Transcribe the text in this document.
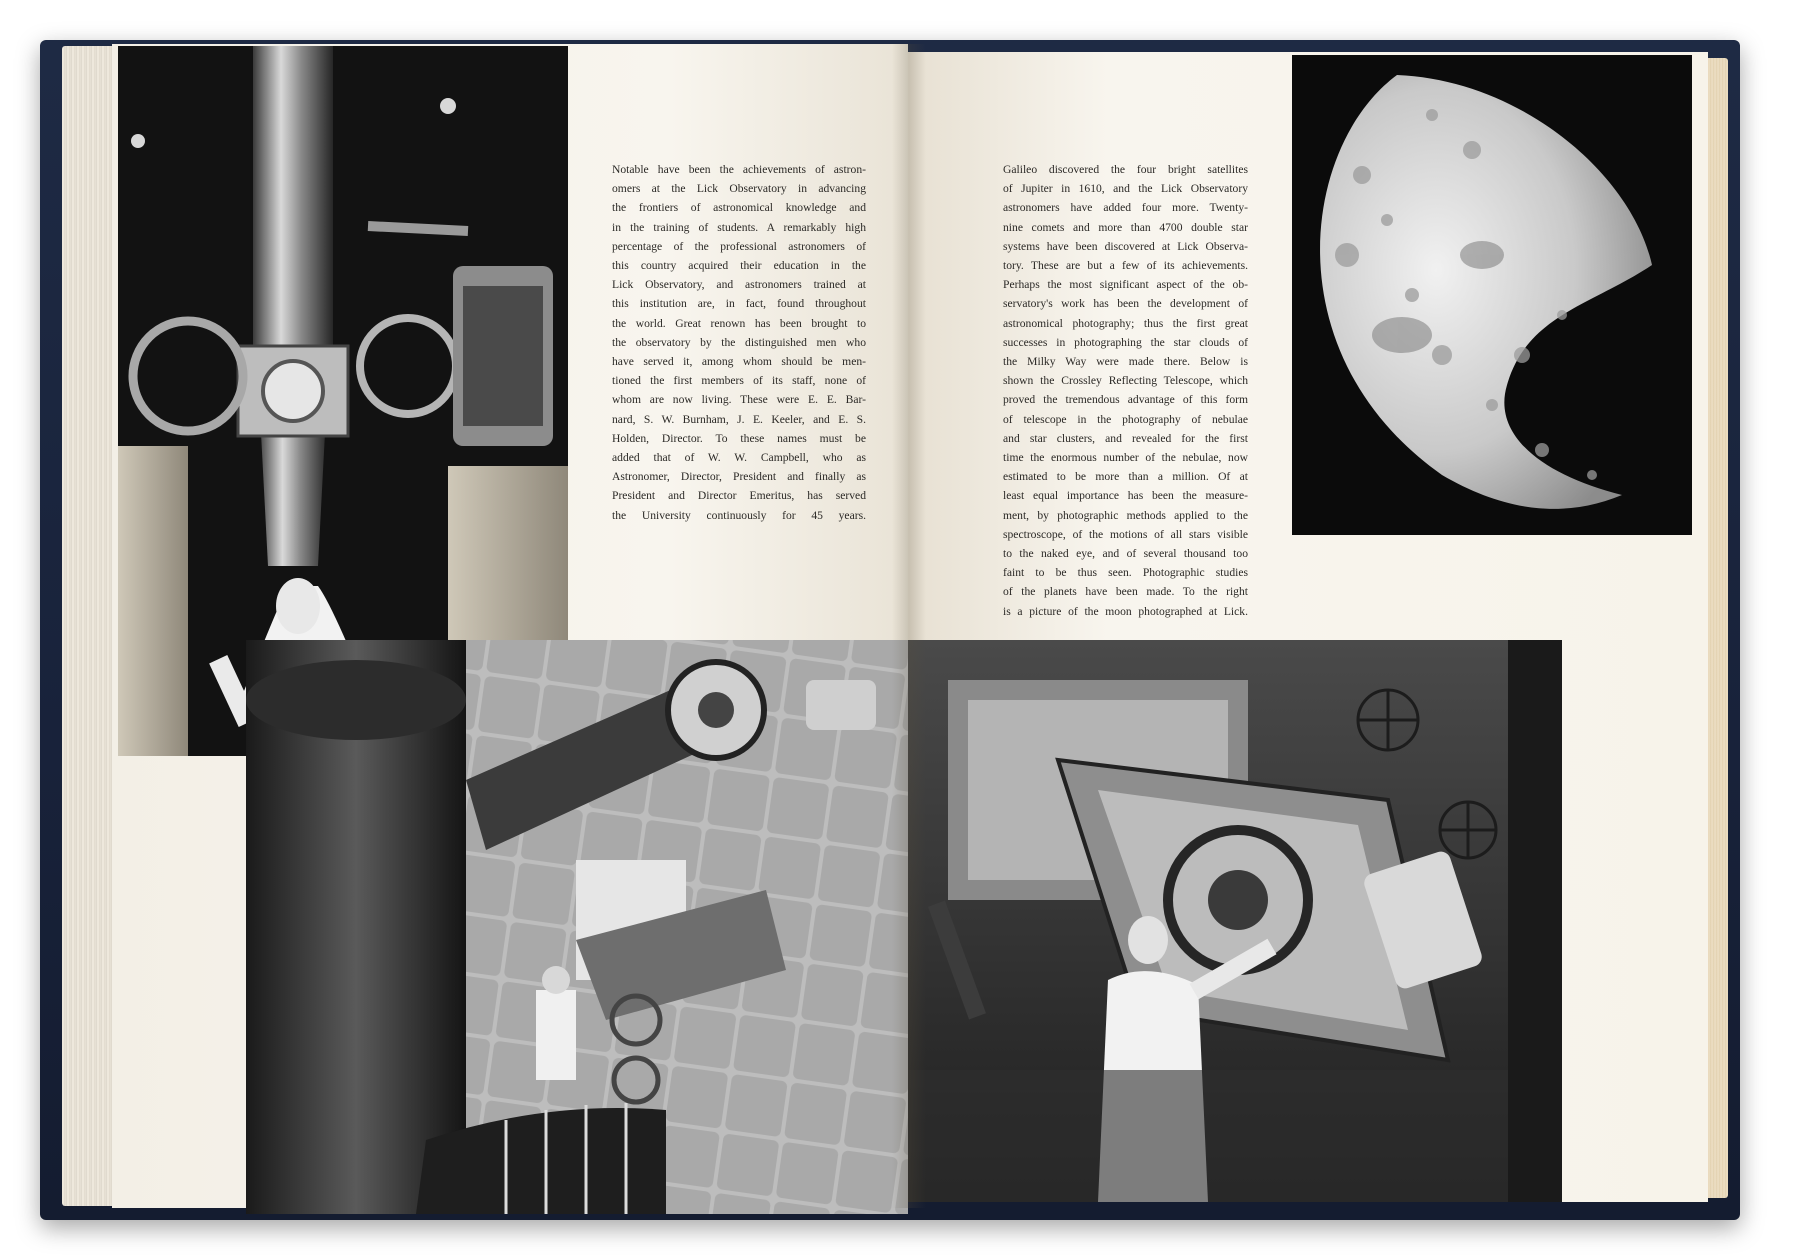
Notable have been the achievements of astron-
omers at the Lick Observatory in advancing
the frontiers of astronomical knowledge and
in the training of students. A remarkably high
percentage of the professional astronomers of
this country acquired their education in the
Lick Observatory, and astronomers trained at
this institution are, in fact, found throughout
the world. Great renown has been brought to
the observatory by the distinguished men who
have served it, among whom should be men-
tioned the first members of its staff, none of
whom are now living. These were E. E. Bar-
nard, S. W. Burnham, J. E. Keeler, and E. S.
Holden, Director. To these names must be
added that of W. W. Campbell, who as
Astronomer, Director, President and finally as
President and Director Emeritus, has served
the University continuously for 45 years.
Galileo discovered the four bright satellites
of Jupiter in 1610, and the Lick Observatory
astronomers have added four more. Twenty-
nine comets and more than 4700 double star
systems have been discovered at Lick Observa-
tory. These are but a few of its achievements.
Perhaps the most significant aspect of the ob-
servatory's work has been the development of
astronomical photography; thus the first great
successes in photographing the star clouds of
the Milky Way were made there. Below is
shown the Crossley Reflecting Telescope, which
proved the tremendous advantage of this form
of telescope in the photography of nebulae
and star clusters, and revealed for the first
time the enormous number of the nebulae, now
estimated to be more than a million. Of at
least equal importance has been the measure-
ment, by photographic methods applied to the
spectroscope, of the motions of all stars visible
to the naked eye, and of several thousand too
faint to be thus seen. Photographic studies
of the planets have been made. To the right
is a picture of the moon photographed at Lick.
